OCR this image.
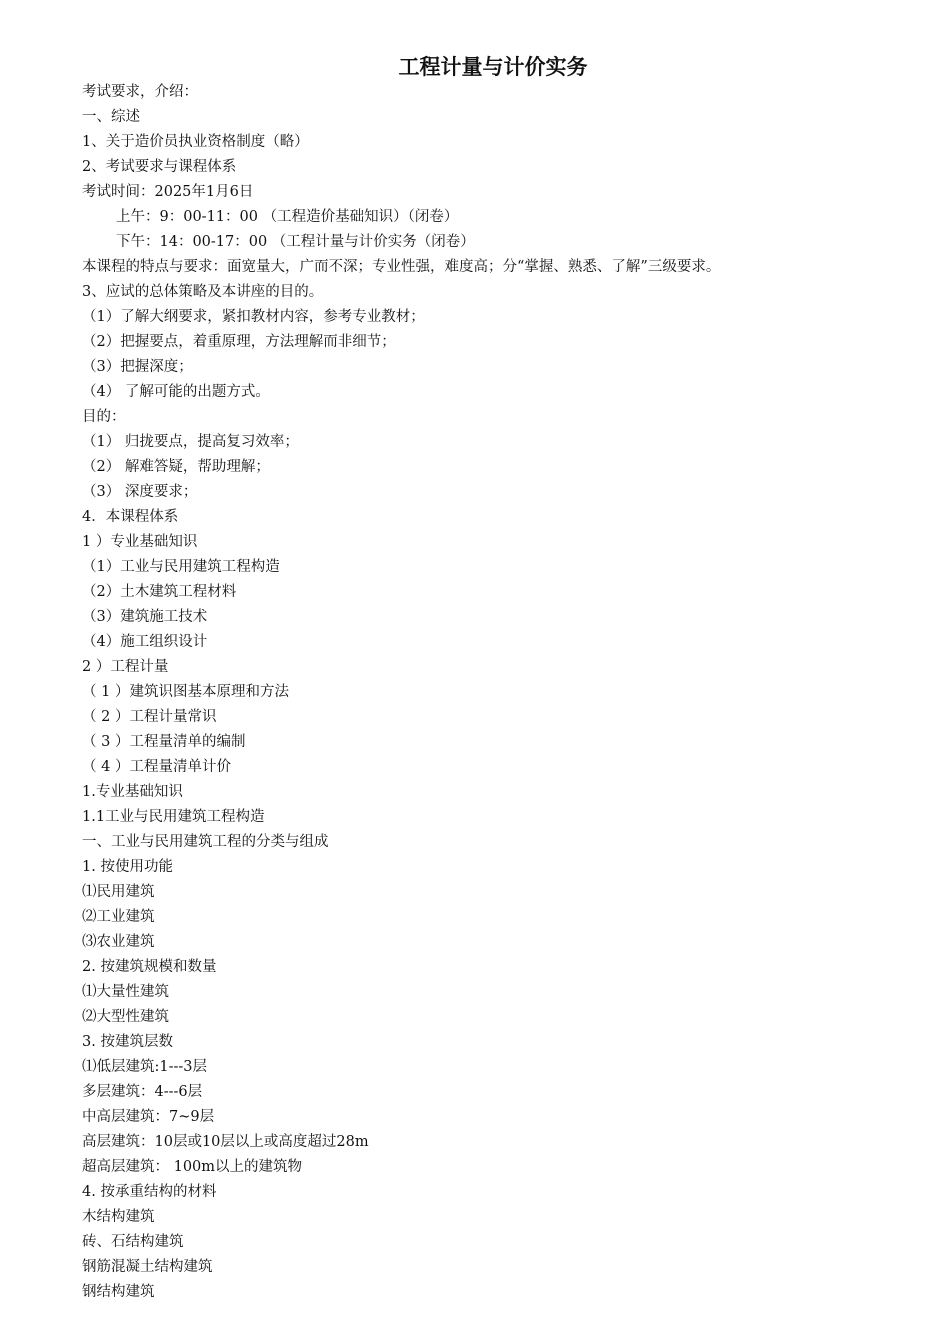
工程计量与计价实务
考试要求，介绍：
一、综述
1、关于造价员执业资格制度（略）
2、考试要求与课程体系
考试时间：2025年1月6日
上午：9：00-11：00 （工程造价基础知识）（闭卷）
下午：14：00-17：00 （工程计量与计价实务（闭卷）
本课程的特点与要求：面宽量大，广而不深；专业性强，难度高；分“掌握、熟悉、了解”三级要求。
3、应试的总体策略及本讲座的目的。
（1）了解大纲要求，紧扣教材内容，参考专业教材；
（2）把握要点，着重原理，方法理解而非细节；
（3）把握深度；
（4） 了解可能的出题方式。
目的：
（1） 归拢要点，提高复习效率；
（2） 解难答疑，帮助理解；
（3） 深度要求；
4．本课程体系
1 ）专业基础知识
（1）工业与民用建筑工程构造
（2）土木建筑工程材料
（3）建筑施工技术
（4）施工组织设计
2 ）工程计量
（ 1 ）建筑识图基本原理和方法
（ 2 ）工程计量常识
（ 3 ）工程量清单的编制
（ 4 ）工程量清单计价
1.专业基础知识
1.1工业与民用建筑工程构造
一、工业与民用建筑工程的分类与组成
1. 按使用功能
⑴民用建筑
⑵工业建筑
⑶农业建筑
2. 按建筑规模和数量
⑴大量性建筑
⑵大型性建筑
3. 按建筑层数
⑴低层建筑:1---3层
多层建筑：4---6层
中高层建筑：7~9层
高层建筑：10层或10层以上或高度超过28m
超高层建筑： 100m以上的建筑物
4. 按承重结构的材料
木结构建筑
砖、石结构建筑
钢筋混凝土结构建筑
钢结构建筑
